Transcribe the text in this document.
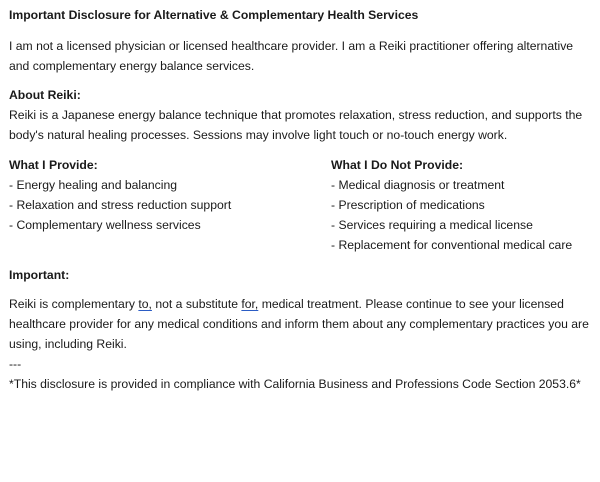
Important Disclosure for Alternative & Complementary Health Services

I am not a licensed physician or licensed healthcare provider. I am a Reiki practitioner offering alternative and complementary energy balance services.

About Reiki:

Reiki is a Japanese energy balance technique that promotes relaxation, stress reduction, and supports the body's natural healing processes. Sessions may involve light touch or no-touch energy work.

What I Provide:
- Energy healing and balancing
- Relaxation and stress reduction support
- Complementary wellness services
What I Do Not Provide:
- Medical diagnosis or treatment
- Prescription of medications
- Services requiring a medical license
- Replacement for conventional medical care
Important:

Reiki is complementary to, not a substitute for, medical treatment. Please continue to see your licensed healthcare provider for any medical conditions and inform them about any complementary practices you are using, including Reiki.

---

*This disclosure is provided in compliance with California Business and Professions Code Section 2053.6*
